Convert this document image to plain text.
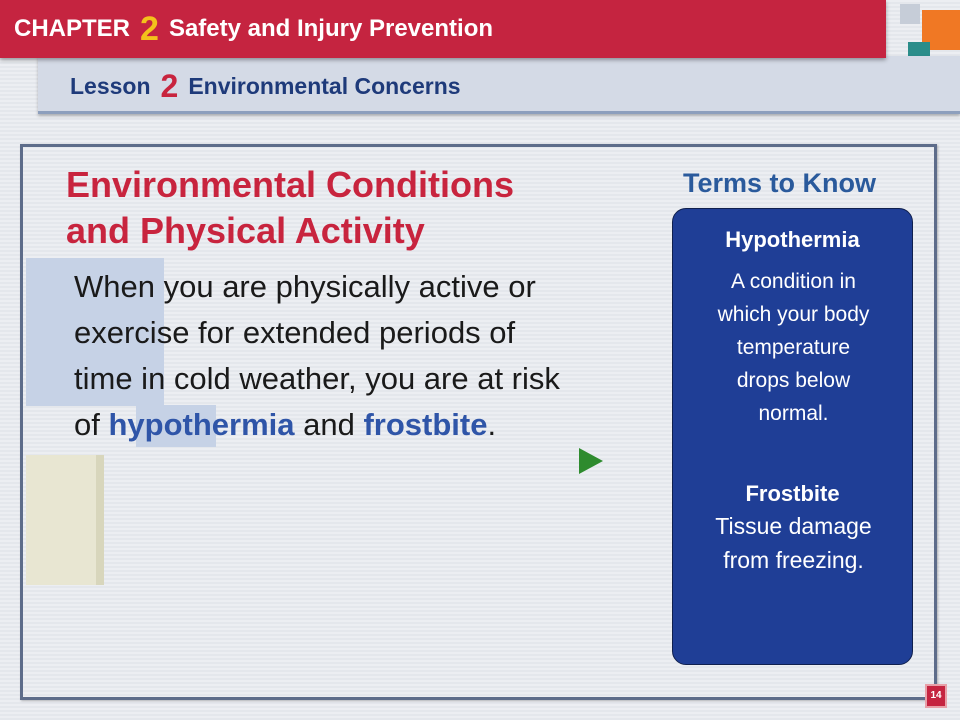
Lesson 2 Environmental Concerns
CHAPTER 2 Safety and Injury Prevention
Environmental Conditions
and Physical Activity
When you are physically active or
exercise for extended periods of
time in cold weather, you are at risk
of hypothermia and frostbite.
Terms to Know
Hypothermia
A condition in
which your body
temperature
drops below
normal.
Frostbite
Tissue damage
from freezing.
14
